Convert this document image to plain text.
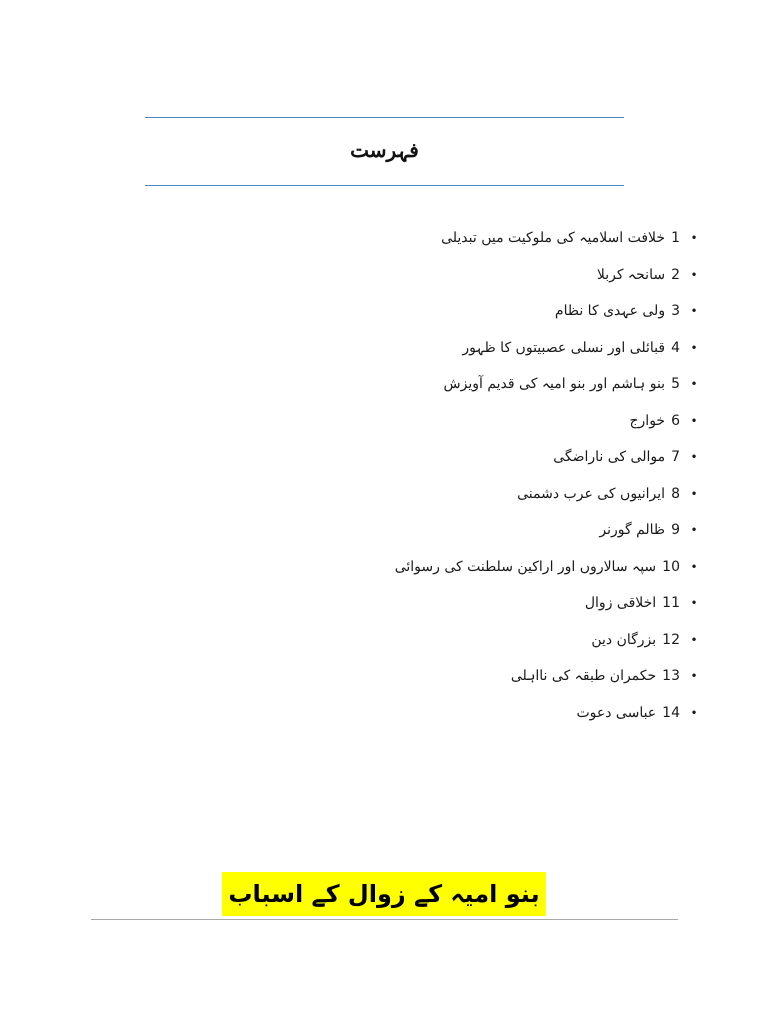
فہرست
•
1
خلافت اسلامیہ کی ملوکیت میں تبدیلی
•
2
سانحہ کربلا
•
3
ولی عہدی کا نظام
•
4
قبائلی اور نسلی عصبیتوں کا ظہور
•
5
بنو ہاشم اور بنو امیہ کی قدیم آویزش
•
6
خوارج
•
7
موالی کی ناراضگی
•
8
ایرانیوں کی عرب دشمنی
•
9
ظالم گورنر
•
10
سپہ سالاروں اور اراکین سلطنت کی رسوائی
•
11
اخلاقی زوال
•
12
بزرگان دین
•
13
حکمران طبقہ کی نااہلی
•
14
عباسی دعوت
بنو امیہ کے زوال کے اسباب
